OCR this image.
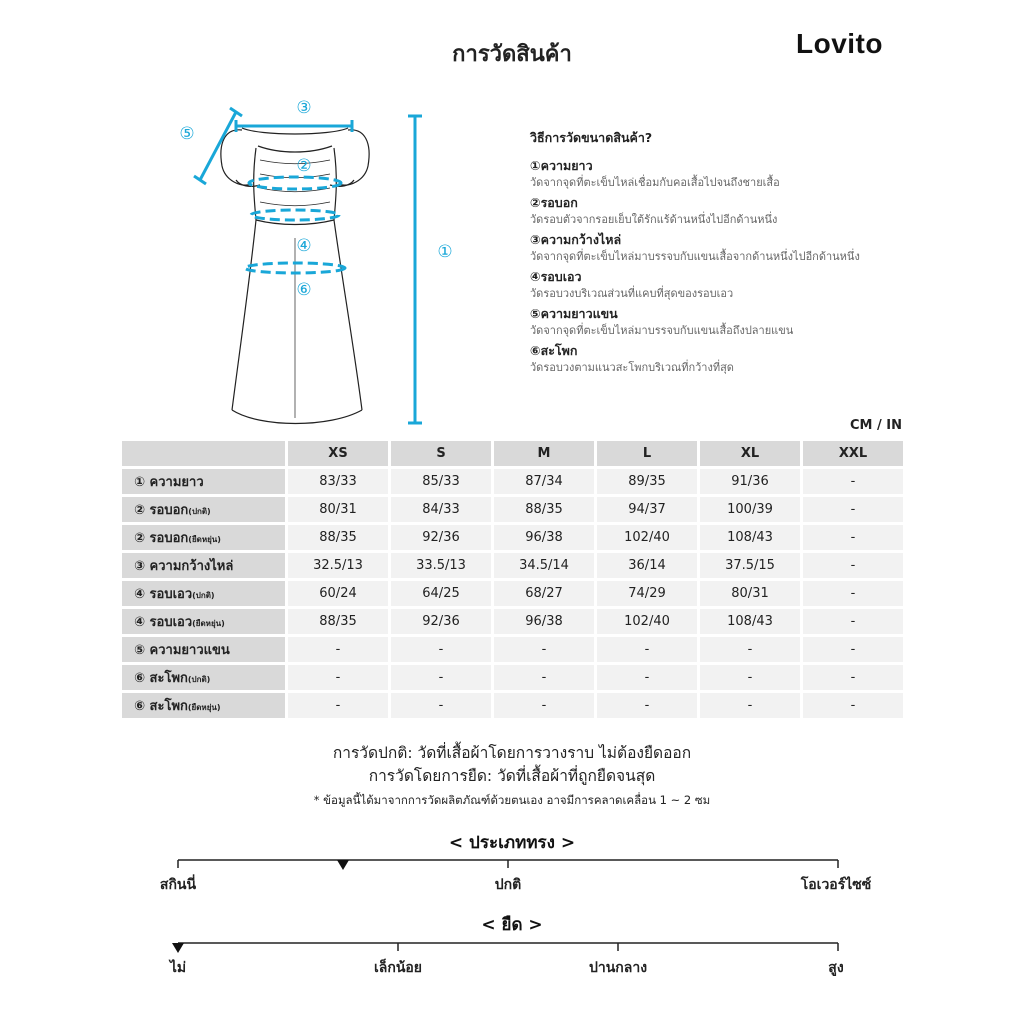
การวัดสินค้า	Lovito
①
②
③
④
⑤
⑥
วิธีการวัดขนาดสินค้า?
①ความยาว
วัดจากจุดที่ตะเข็บไหล่เชื่อมกับคอเสื้อไปจนถึงชายเสื้อ
②รอบอก
วัดรอบตัวจากรอยเย็บใต้รักแร้ด้านหนึ่งไปอีกด้านหนึ่ง
③ความกว้างไหล่
วัดจากจุดที่ตะเข็บไหล่มาบรรจบกับแขนเสื้อจากด้านหนึ่งไปอีกด้านหนึ่ง
④รอบเอว
วัดรอบวงบริเวณส่วนที่แคบที่สุดของรอบเอว
⑤ความยาวแขน
วัดจากจุดที่ตะเข็บไหล่มาบรรจบกับแขนเสื้อถึงปลายแขน
⑥สะโพก
วัดรอบวงตามแนวสะโพกบริเวณที่กว้างที่สุด
CM / IN
	XS	S	M	L	XL	XXL
① ความยาว	83/33	85/33	87/34	89/35	91/36	-
② รอบอก(ปกติ)	80/31	84/33	88/35	94/37	100/39	-
② รอบอก(ยืดหยุ่น)	88/35	92/36	96/38	102/40	108/43	-
③ ความกว้างไหล่	32.5/13	33.5/13	34.5/14	36/14	37.5/15	-
④ รอบเอว(ปกติ)	60/24	64/25	68/27	74/29	80/31	-
④ รอบเอว(ยืดหยุ่น)	88/35	92/36	96/38	102/40	108/43	-
⑤ ความยาวแขน	-	-	-	-	-	-
⑥ สะโพก(ปกติ)	-	-	-	-	-	-
⑥ สะโพก(ยืดหยุ่น)	-	-	-	-	-	-
การวัดปกติ: วัดที่เสื้อผ้าโดยการวางราบ ไม่ต้องยืดออก
การวัดโดยการยืด: วัดที่เสื้อผ้าที่ถูกยืดจนสุด
* ข้อมูลนี้ได้มาจากการวัดผลิตภัณฑ์ด้วยตนเอง อาจมีการคลาดเคลื่อน 1 ~ 2 ซม
< ประเภททรง >
สกินนี่	ปกติ	โอเวอร์ไซซ์
< ยืด >
ไม่	เล็กน้อย	ปานกลาง	สูง
